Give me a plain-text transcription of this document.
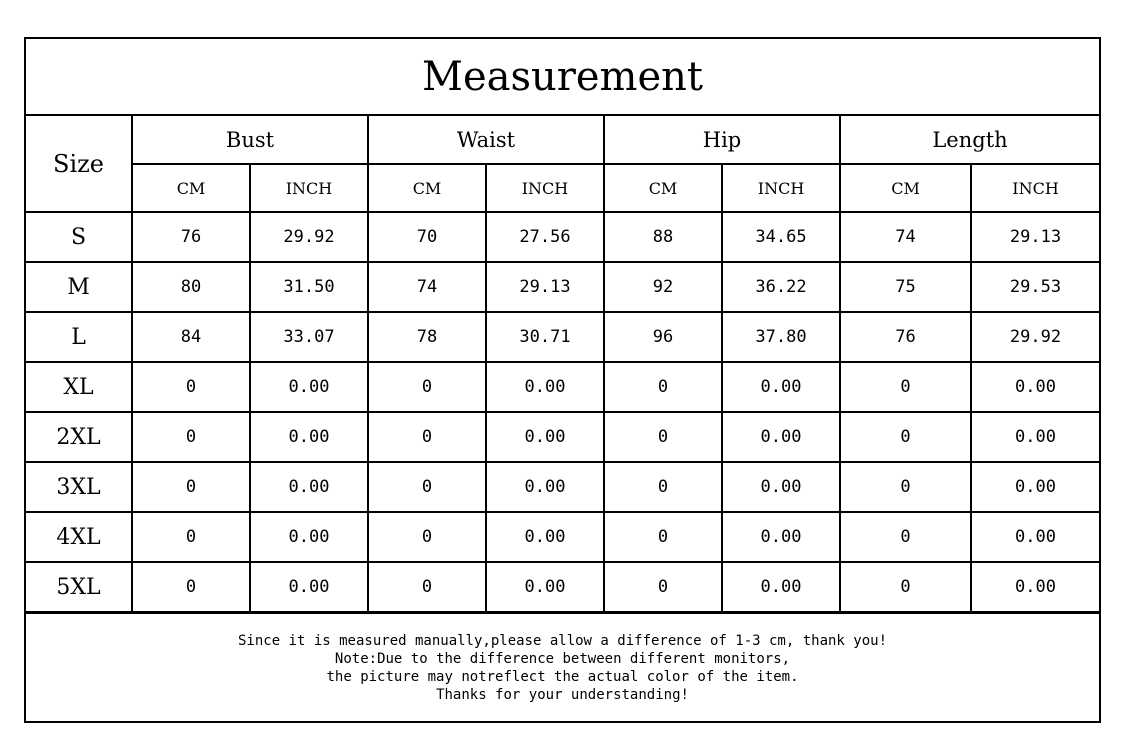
Measurement
Size	Bust		Waist		Hip		Length	
	CM	INCH	CM	INCH	CM	INCH	CM	INCH
S	76	29.92	70	27.56	88	34.65	74	29.13
M	80	31.50	74	29.13	92	36.22	75	29.53
L	84	33.07	78	30.71	96	37.80	76	29.92
XL	0	0.00	0	0.00	0	0.00	0	0.00
2XL	0	0.00	0	0.00	0	0.00	0	0.00
3XL	0	0.00	0	0.00	0	0.00	0	0.00
4XL	0	0.00	0	0.00	0	0.00	0	0.00
5XL	0	0.00	0	0.00	0	0.00	0	0.00
Since it is measured manually,please allow a difference of 1-3 cm, thank you!
Note:Due to the difference between different monitors,
the picture may notreflect the actual color of the item.
Thanks for your understanding!
